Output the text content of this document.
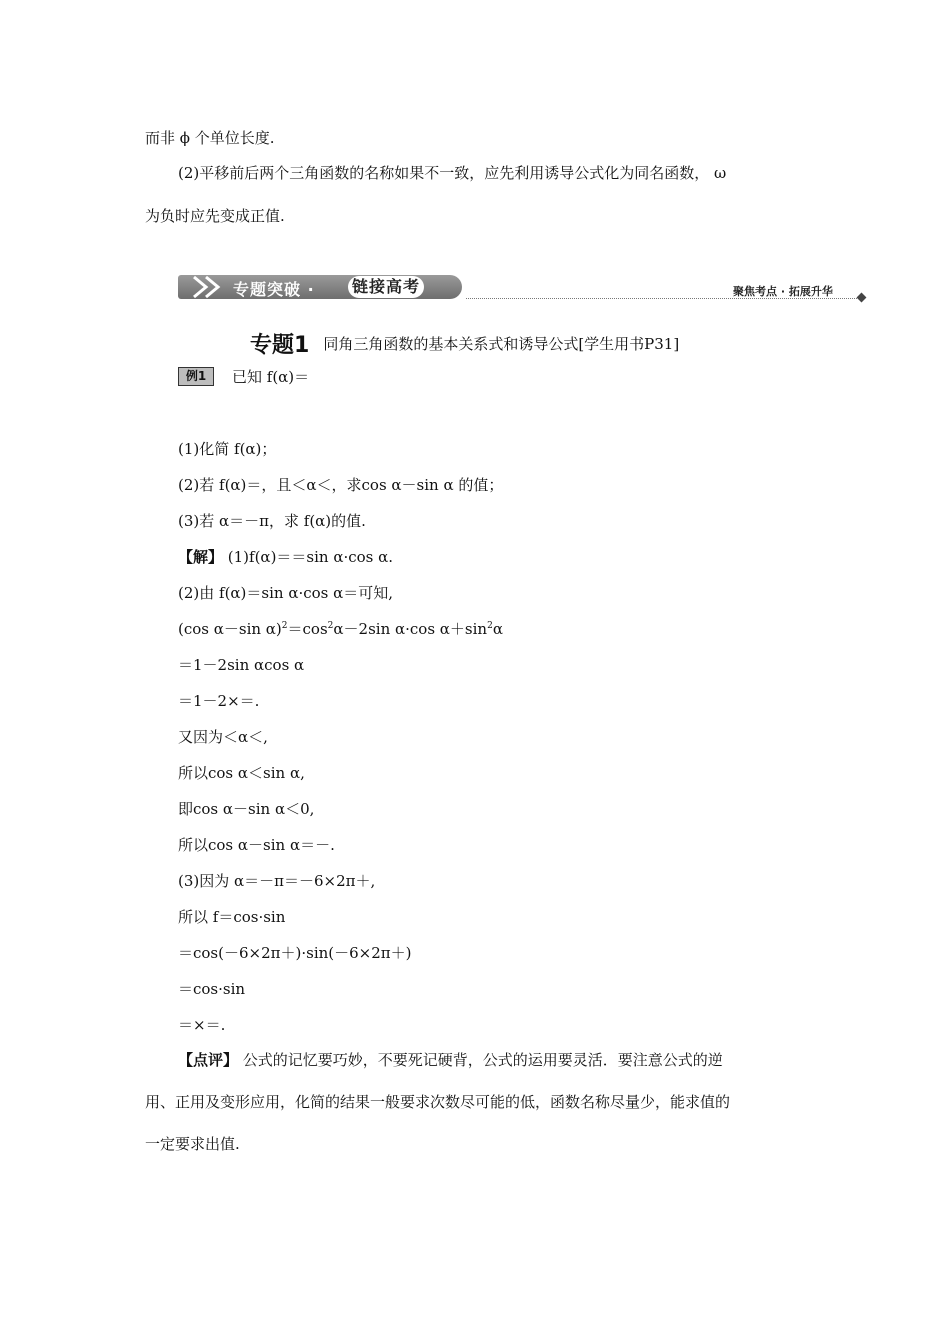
而非 ϕ 个单位长度.
(2)平移前后两个三角函数的名称如果不一致，应先利用诱导公式化为同名函数， ω
为负时应先变成正值.
专题突破 · 链接高考	聚焦考点 · 拓展升华
专题1 同角三角函数的基本关系式和诱导公式[学生用书P31]
例1	已知 f(α)＝
(1)化简 f(α)；
(2)若 f(α)＝，且＜α＜，求cos α－sin α 的值；
(3)若 α＝－π，求 f(α)的值.
【解】 (1)f(α)＝＝sin α·cos α.
(2)由 f(α)＝sin α·cos α＝可知,
(cos α－sin $\alpha)^2=\cos^2\alpha-2\sin$ α·cos $\alpha+\sin^2\alpha$
＝1－2sin αcos α
＝1－2×＝.
又因为＜α＜,
所以cos α＜sin α,
即cos α－sin α＜0,
所以cos α－sin α＝－.
(3)因为 α＝－π＝－6×2π＋,
所以 f＝cos·sin
＝cos(－6×2π＋)·sin(－6×2π＋)
＝cos·sin
＝×＝.
【点评】 公式的记忆要巧妙，不要死记硬背，公式的运用要灵活．要注意公式的逆
用、正用及变形应用，化简的结果一般要求次数尽可能的低，函数名称尽量少，能求值的
一定要求出值.
